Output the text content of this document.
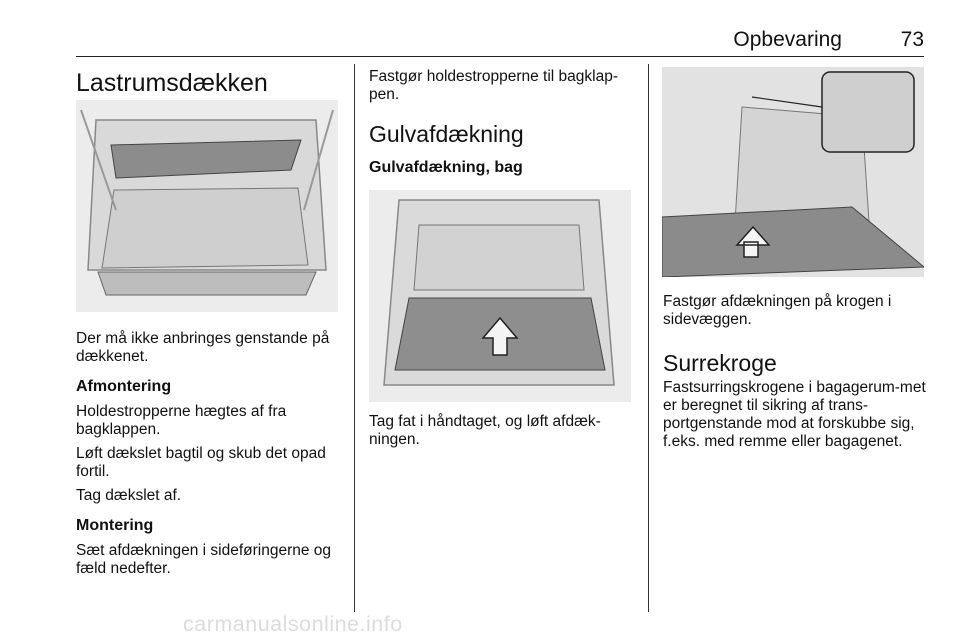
Opbevaring	73
Lastrumsdækken

Der må ikke anbringes genstande på dækkenet.

Afmontering

Holdestropperne hægtes af fra bagklappen.

Løft dækslet bagtil og skub det opad fortil.

Tag dækslet af.

Montering

Sæt afdækningen i sideføringerne og fæld nedefter.

Fastgør holdestropperne til bagklap-pen.

Gulvafdækning
Gulvafdækning, bag

Tag fat i håndtaget, og løft afdæk-ningen.

Fastgør afdækningen på krogen i sidevæggen.

Surrekroge

Fastsurringskrogene i bagagerum-met er beregnet til sikring af trans-portgenstande mod at forskubbe sig, f.eks. med remme eller bagagenet.

carmanualsonline.info
